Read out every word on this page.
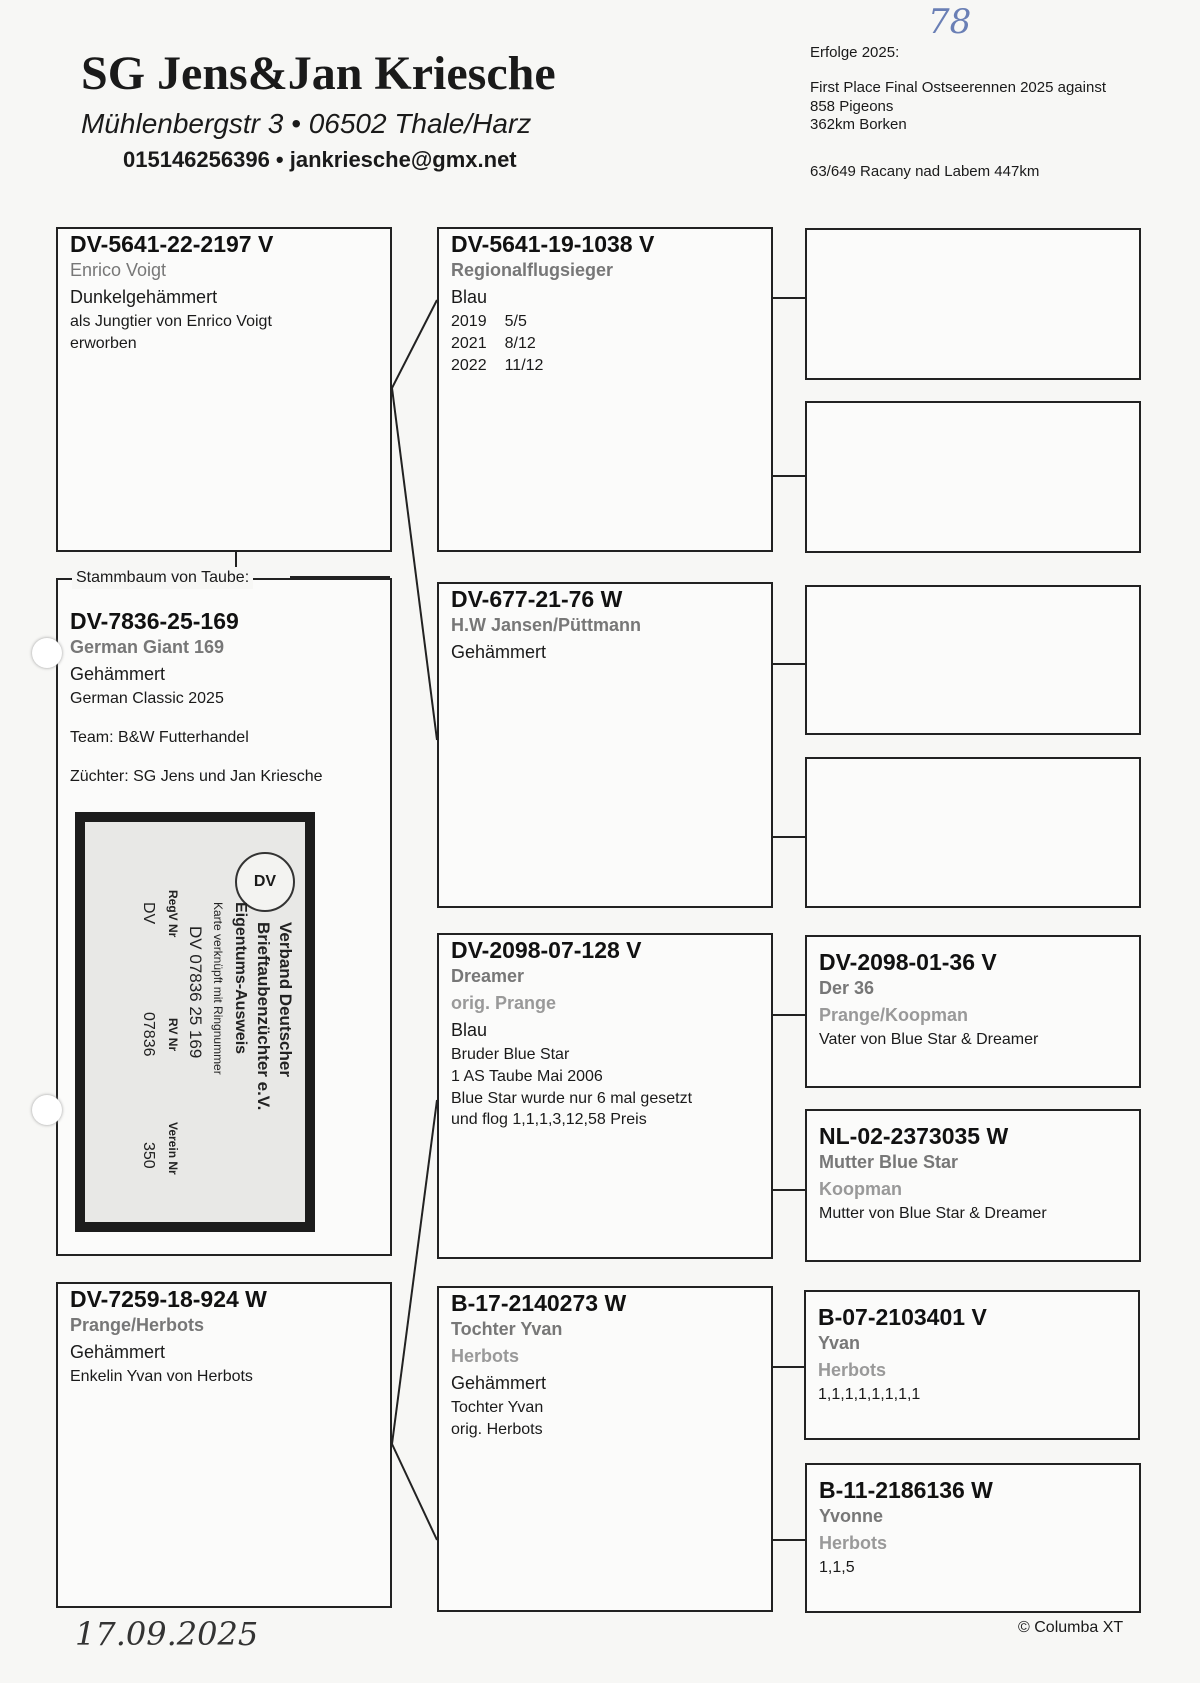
SG Jens&Jan Kriesche
Mühlenbergstr 3 • 06502 Thale/Harz
015146256396 • jankriesche@gmx.net
78
Erfolge 2025:
First Place Final Ostseerennen 2025 against
858 Pigeons
362km Borken
63/649 Racany nad Labem 447km
DV-5641-22-2197 V
Enrico Voigt
Dunkelgehämmert
als Jungtier von Enrico Voigt
erworben
DV-7836-25-169
German Giant 169
Gehämmert
German Classic 2025
Team: B&W Futterhandel
Züchter: SG Jens und Jan Kriesche
Stammbaum von Taube:
DV
Verband Deutscher
Brieftaubenzüchter e.V.
Eigentums-Ausweis
Karte verknüpft mit Ringnummer
DV 07836 25 169
RegV Nr
RV Nr
Verein Nr
DV
07836
350
DV-7259-18-924 W
Prange/Herbots
Gehämmert
Enkelin Yvan von Herbots
DV-5641-19-1038 V
Regionalflugsieger
Blau
2019	5/5
2021	8/12
2022	11/12
DV-677-21-76 W
H.W Jansen/Püttmann
Gehämmert
DV-2098-07-128 V
Dreamer
orig. Prange
Blau
Bruder Blue Star
1 AS Taube Mai 2006
Blue Star wurde nur 6 mal gesetzt
und flog 1,1,1,3,12,58 Preis
B-17-2140273 W
Tochter Yvan
Herbots
Gehämmert
Tochter Yvan
orig. Herbots
DV-2098-01-36 V
Der 36
Prange/Koopman
Vater von Blue Star & Dreamer
NL-02-2373035 W
Mutter Blue Star
Koopman
Mutter von Blue Star & Dreamer
B-07-2103401 V
Yvan
Herbots
1,1,1,1,1,1,1,1
B-11-2186136 W
Yvonne
Herbots
1,1,5
© Columba XT
17.09.2025
